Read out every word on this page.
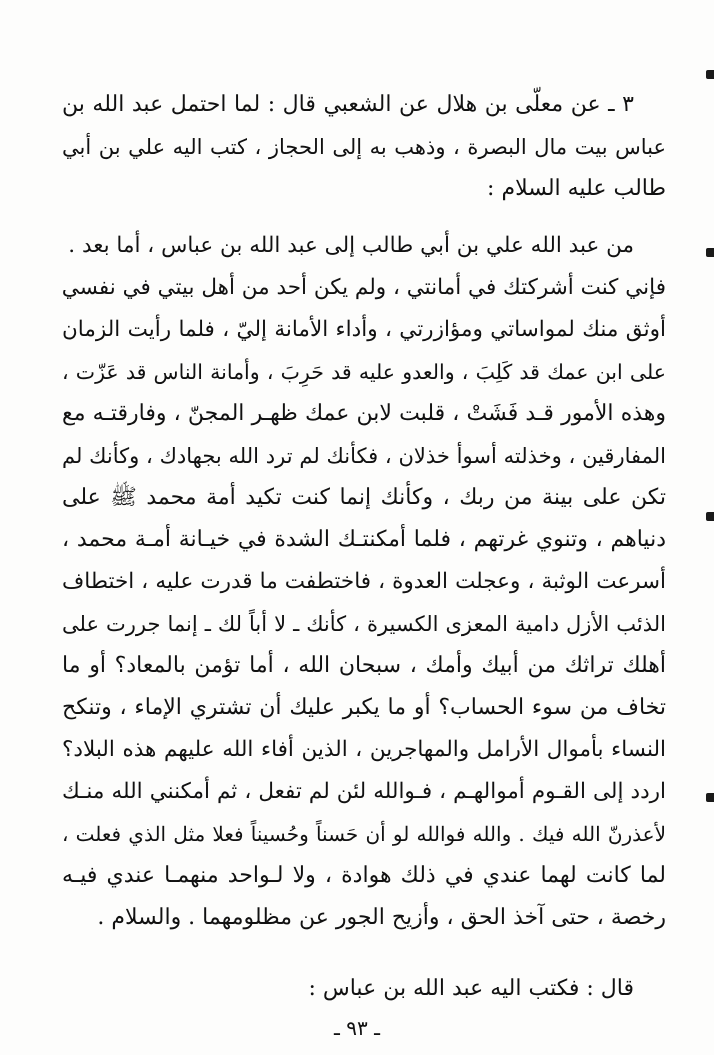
٣ ـ عن معلّى بن هلال عن الشعبي قال : لما احتمل عبد الله بن
عباس بيت مال البصرة ، وذهب به إلى الحجاز ، كتب اليه علي بن أبي
طالب عليه السلام :
من عبد الله علي بن أبي طالب إلى عبد الله بن عباس ، أما بعد .
فإني كنت أشركتك في أمانتي ، ولم يكن أحد من أهل بيتي في نفسي
أوثق منك لمواساتي ومؤازرتي ، وأداء الأمانة إليّ ، فلما رأيت الزمان
على ابن عمك قد كَلِبَ ، والعدو عليه قد حَرِبَ ، وأمانة الناس قد عَزّت ،
وهذه الأمور قـد فَشَتْ ، قلبت لابن عمك ظهـر المجنّ ، وفارقتـه مع
المفارقين ، وخذلته أسوأ خذلان ، فكأنك لم ترد الله بجهادك ، وكأنك لم
تكن على بينة من ربك ، وكأنك إنما كنت تكيد أمة محمد ﷺ على
دنياهم ، وتنوي غرتهم ، فلما أمكنتـك الشدة في خيـانة أمـة محمد ،
أسرعت الوثبة ، وعجلت العدوة ، فاختطفت ما قدرت عليه ، اختطاف
الذئب الأزل دامية المعزى الكسيرة ، كأنك ـ لا أباً لك ـ إنما جررت على
أهلك تراثك من أبيك وأمك ، سبحان الله ، أما تؤمن بالمعاد؟ أو ما
تخاف من سوء الحساب؟ أو ما يكبر عليك أن تشتري الإماء ، وتنكح
النساء بأموال الأرامل والمهاجرين ، الذين أفاء الله عليهم هذه البلاد؟
اردد إلى القـوم أموالهـم ، فـوالله لئن لم تفعل ، ثم أمكنني الله منـك
لأعذرنّ الله فيك . والله فوالله لو أن حَسناً وحُسيناً فعلا مثل الذي فعلت ،
لما كانت لهما عندي في ذلك هوادة ، ولا لـواحد منهمـا عندي فيـه
رخصة ، حتى آخذ الحق ، وأزيح الجور عن مظلومهما . والسلام .
قال : فكتب اليه عبد الله بن عباس :
ـ ٩٣ ـ
